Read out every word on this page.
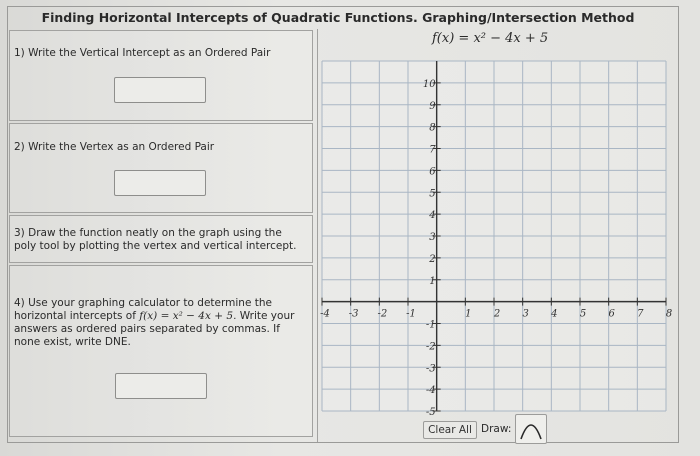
Finding Horizontal Intercepts of Quadratic Functions. Graphing/Intersection Method
1) Write the Vertical Intercept as an Ordered Pair
2) Write the Vertex as an Ordered Pair
3) Draw the function neatly on the graph using the poly tool by plotting the vertex and vertical intercept.
4) Use your graphing calculator to determine the horizontal intercepts of f(x) = x² − 4x + 5. Write your answers as ordered pairs separated by commas. If none exist, write DNE.
f(x) = x² − 4x + 5
-4 -3 -2 -1	1 2 3 4 5 6 7 8
10
9
8
7
6
5
4
3
2
1
-1
-2
-3
-4
-5
Clear All Draw:
